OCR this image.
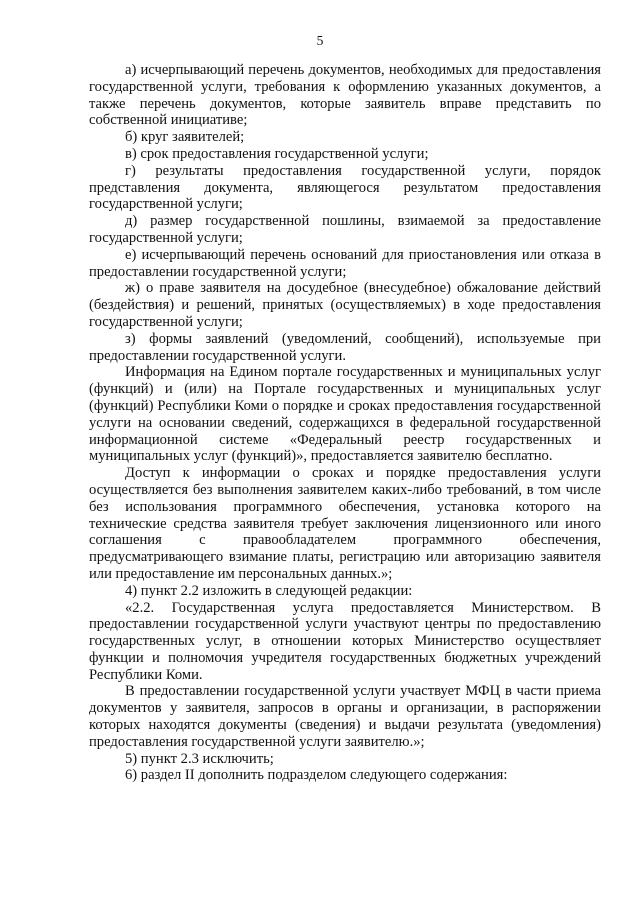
5

а) исчерпывающий перечень документов, необходимых для предоставления государственной услуги, требования к оформлению указанных документов, а также перечень документов, которые заявитель вправе представить по собственной инициативе;

б) круг заявителей;

в) срок предоставления государственной услуги;

г) результаты предоставления государственной услуги, порядок представления документа, являющегося результатом предоставления государственной услуги;

д) размер государственной пошлины, взимаемой за предоставление государственной услуги;

е) исчерпывающий перечень оснований для приостановления или отказа в предоставлении государственной услуги;

ж) о праве заявителя на досудебное (внесудебное) обжалование действий (бездействия) и решений, принятых (осуществляемых) в ходе предоставления государственной услуги;

з) формы заявлений (уведомлений, сообщений), используемые при предоставлении государственной услуги.

Информация на Едином портале государственных и муниципальных услуг (функций) и (или) на Портале государственных и муниципальных услуг (функций) Республики Коми о порядке и сроках предоставления государственной услуги на основании сведений, содержащихся в федеральной государственной информационной системе «Федеральный реестр государственных и муниципальных услуг (функций)», предоставляется заявителю бесплатно.

Доступ к информации о сроках и порядке предоставления услуги осуществляется без выполнения заявителем каких-либо требований, в том числе без использования программного обеспечения, установка которого на технические средства заявителя требует заключения лицензионного или иного соглашения с правообладателем программного обеспечения, предусматривающего взимание платы, регистрацию или авторизацию заявителя или предоставление им персональных данных.»;

4) пункт 2.2 изложить в следующей редакции:

«2.2. Государственная услуга предоставляется Министерством. В предоставлении государственной услуги участвуют центры по предоставлению государственных услуг, в отношении которых Министерство осуществляет функции и полномочия учредителя государственных бюджетных учреждений Республики Коми.

В предоставлении государственной услуги участвует МФЦ в части приема документов у заявителя, запросов в органы и организации, в распоряжении которых находятся документы (сведения) и выдачи результата (уведомления) предоставления государственной услуги заявителю.»;

5) пункт 2.3 исключить;

6) раздел II дополнить подразделом следующего содержания:
